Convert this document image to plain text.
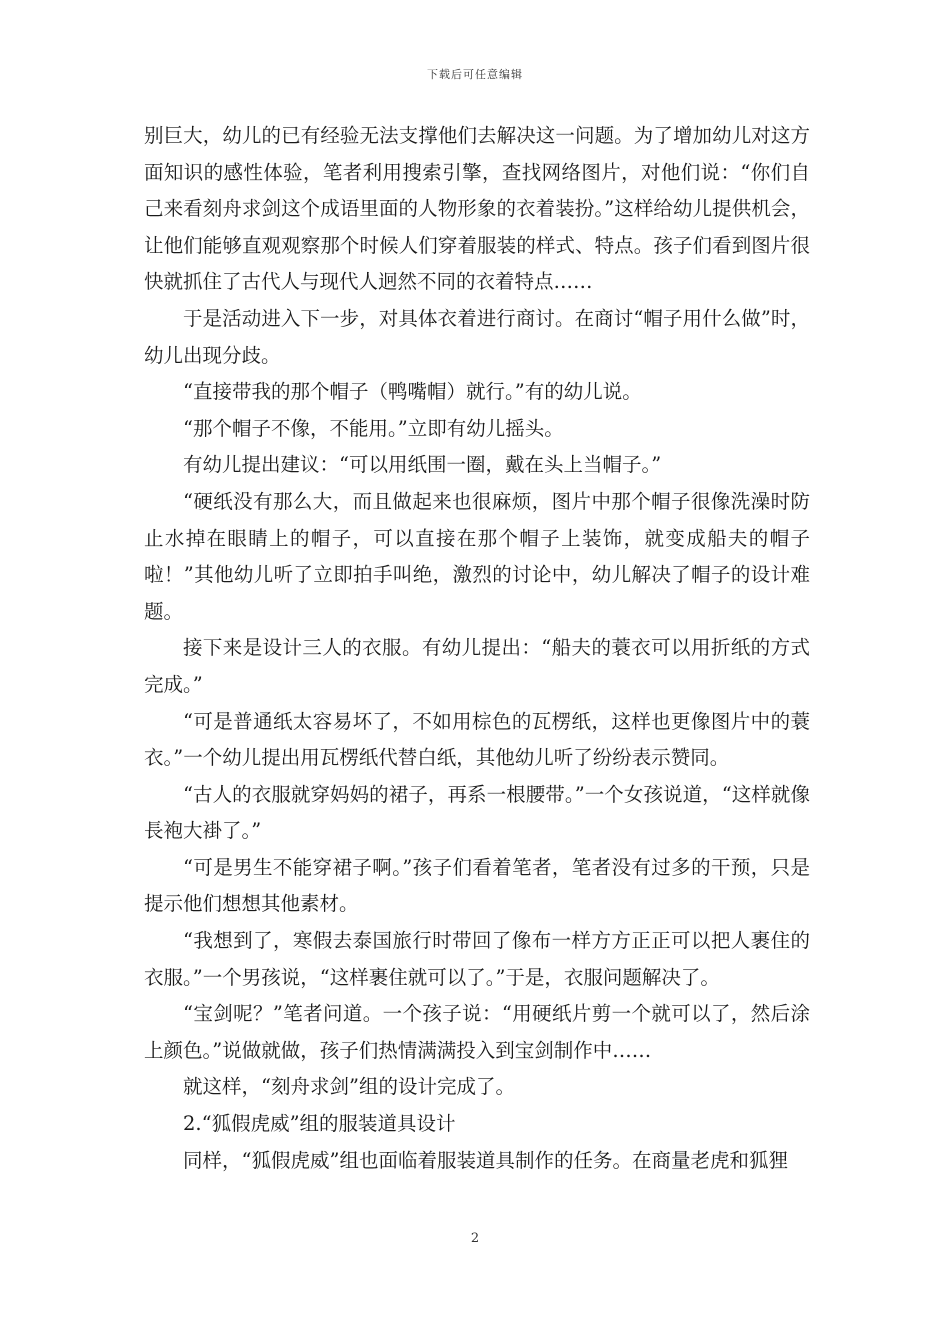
下载后可任意编辑

别巨大，幼儿的已有经验无法支撑他们去解决这一问题。为了增加幼儿对这方面知识的感性体验，笔者利用搜索引擎，查找网络图片，对他们说：“你们自己来看刻舟求剑这个成语里面的人物形象的衣着装扮。”这样给幼儿提供机会，让他们能够直观观察那个时候人们穿着服装的样式、特点。孩子们看到图片很快就抓住了古代人与现代人迥然不同的衣着特点……

于是活动进入下一步，对具体衣着进行商讨。在商讨“帽子用什么做”时，幼儿出现分歧。

“直接带我的那个帽子（鸭嘴帽）就行。”有的幼儿说。

“那个帽子不像，不能用。”立即有幼儿摇头。

有幼儿提出建议：“可以用纸围一圈，戴在头上当帽子。”

“硬纸没有那么大，而且做起来也很麻烦，图片中那个帽子很像洗澡时防止水掉在眼睛上的帽子，可以直接在那个帽子上装饰，就变成船夫的帽子啦！”其他幼儿听了立即拍手叫绝，激烈的讨论中，幼儿解决了帽子的设计难题。

接下来是设计三人的衣服。有幼儿提出：“船夫的蓑衣可以用折纸的方式完成。”

“可是普通纸太容易坏了，不如用棕色的瓦楞纸，这样也更像图片中的蓑衣。”一个幼儿提出用瓦楞纸代替白纸，其他幼儿听了纷纷表示赞同。

“古人的衣服就穿妈妈的裙子，再系一根腰带。”一个女孩说道，“这样就像長袍大褂了。”

“可是男生不能穿裙子啊。”孩子们看着笔者，笔者没有过多的干预，只是提示他们想想其他素材。

“我想到了，寒假去泰国旅行时带回了像布一样方方正正可以把人裹住的衣服。”一个男孩说，“这样裹住就可以了。”于是，衣服问题解决了。

“宝剑呢？”笔者问道。一个孩子说：“用硬纸片剪一个就可以了，然后涂上颜色。”说做就做，孩子们热情满满投入到宝剑制作中……

就这样，“刻舟求剑”组的设计完成了。

2.“狐假虎威”组的服装道具设计

同样，“狐假虎威”组也面临着服装道具制作的任务。在商量老虎和狐狸

2
